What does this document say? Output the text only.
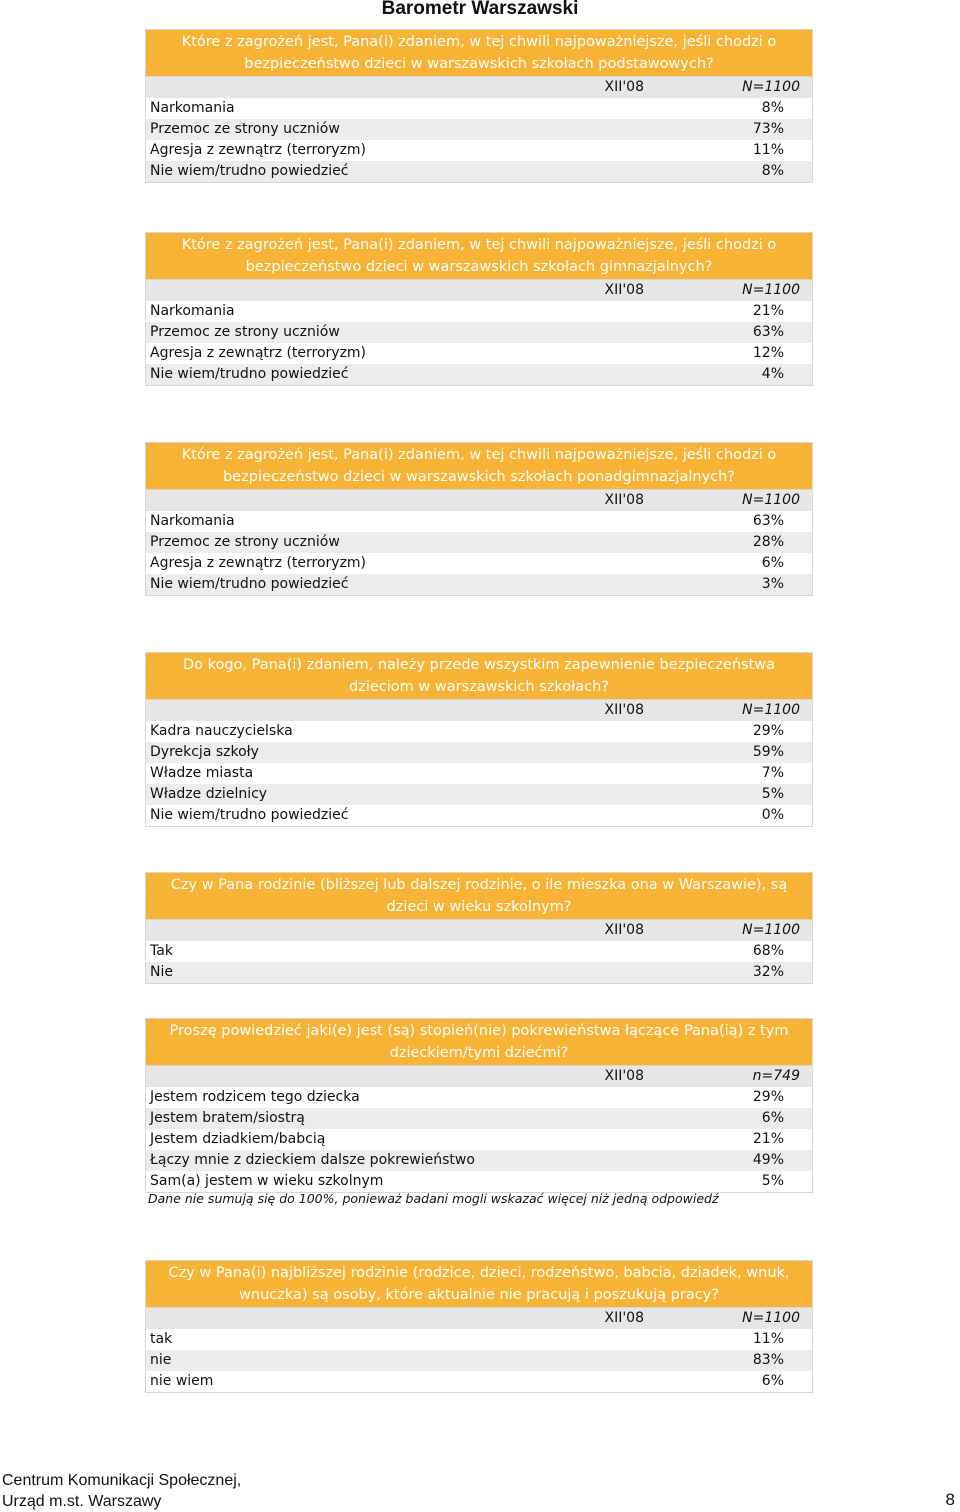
Barometr Warszawski
Które z zagrożeń jest, Pana(i) zdaniem, w tej chwili najpoważniejsze, jeśli chodzi o bezpieczeństwo dzieci w warszawskich szkołach podstawowych?
XII'08	N=1100
Narkomania	8%
Przemoc ze strony uczniów	73%
Agresja z zewnątrz (terroryzm)	11%
Nie wiem/trudno powiedzieć	8%
Które z zagrożeń jest, Pana(i) zdaniem, w tej chwili najpoważniejsze, jeśli chodzi o bezpieczeństwo dzieci w warszawskich szkołach gimnazjalnych?
XII'08	N=1100
Narkomania	21%
Przemoc ze strony uczniów	63%
Agresja z zewnątrz (terroryzm)	12%
Nie wiem/trudno powiedzieć	4%
Które z zagrożeń jest, Pana(i) zdaniem, w tej chwili najpoważniejsze, jeśli chodzi o bezpieczeństwo dzieci w warszawskich szkołach ponadgimnazjalnych?
XII'08	N=1100
Narkomania	63%
Przemoc ze strony uczniów	28%
Agresja z zewnątrz (terroryzm)	6%
Nie wiem/trudno powiedzieć	3%
Do kogo, Pana(i) zdaniem, należy przede wszystkim zapewnienie bezpieczeństwa dzieciom w warszawskich szkołach?
XII'08	N=1100
Kadra nauczycielska	29%
Dyrekcja szkoły	59%
Władze miasta	7%
Władze dzielnicy	5%
Nie wiem/trudno powiedzieć	0%
Czy w Pana rodzinie (bliższej lub dalszej rodzinie, o ile mieszka ona w Warszawie), są dzieci w wieku szkolnym?
XII'08	N=1100
Tak	68%
Nie	32%
Proszę powiedzieć jaki(e) jest (są) stopień(nie) pokrewieństwa łączące Pana(ią) z tym dzieckiem/tymi dziećmi?
XII'08	n=749
Jestem rodzicem tego dziecka	29%
Jestem bratem/siostrą	6%
Jestem dziadkiem/babcią	21%
Łączy mnie z dzieckiem dalsze pokrewieństwo	49%
Sam(a) jestem w wieku szkolnym	5%
Dane nie sumują się do 100%, ponieważ badani mogli wskazać więcej niż jedną odpowiedź
Czy w Pana(i) najbliższej rodzinie (rodzice, dzieci, rodzeństwo, babcia, dziadek, wnuk, wnuczka) są osoby, które aktualnie nie pracują i poszukują pracy?
XII'08	N=1100
tak	11%
nie	83%
nie wiem	6%
Centrum Komunikacji Społecznej,
Urząd m.st. Warszawy	8
